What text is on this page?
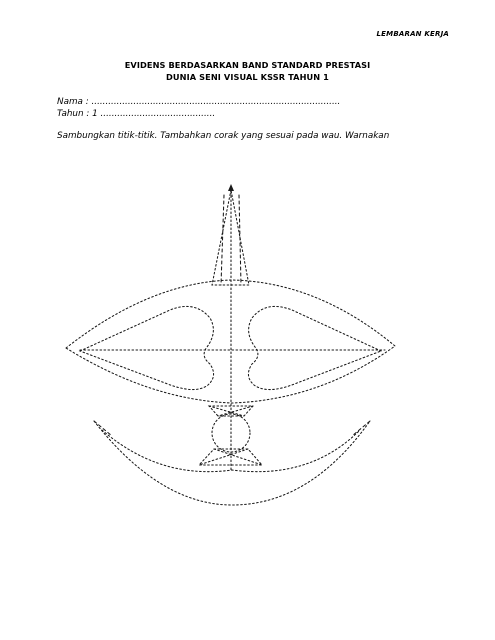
LEMBARAN KERJA
EVIDENS BERDASARKAN BAND STANDARD PRESTASI
DUNIA SENI VISUAL KSSR TAHUN 1
Nama : .........................................................................................
Tahun : 1 .........................................
Sambungkan titik-titik. Tambahkan corak yang sesuai pada wau. Warnakan
